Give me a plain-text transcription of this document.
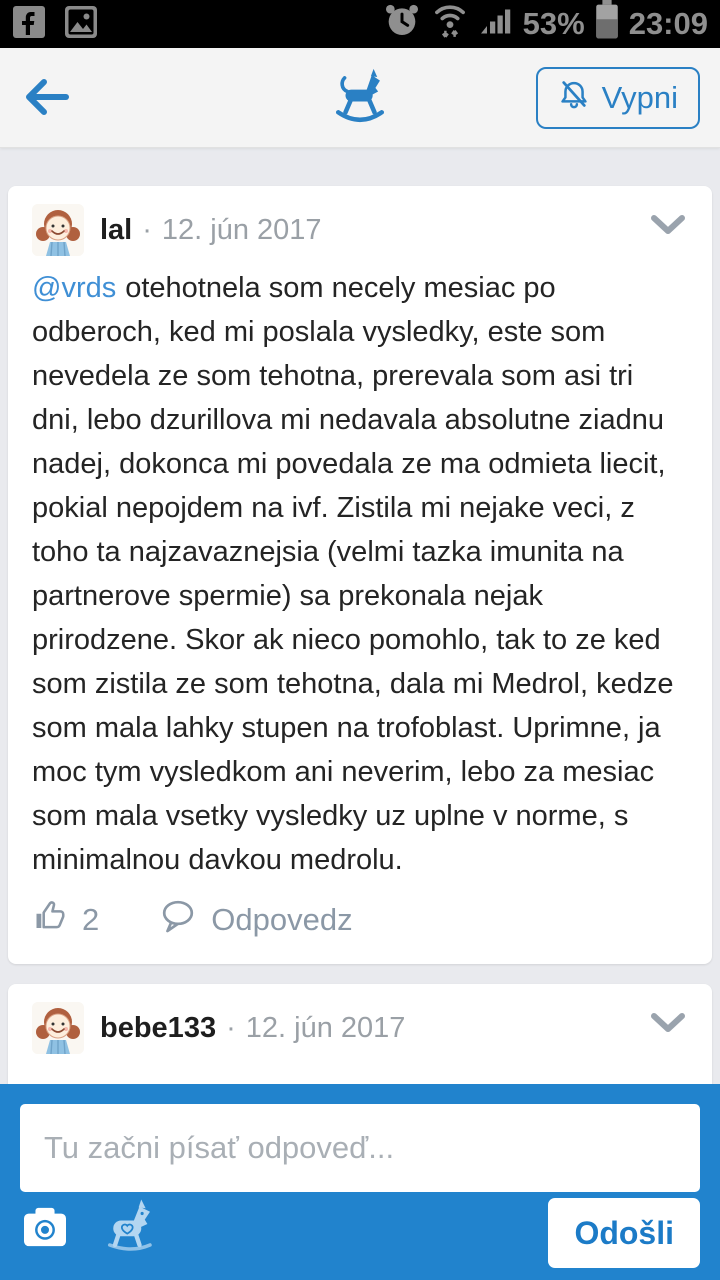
53% 23:09
Vypni
lal · 12. jún 2017
@vrds otehotnela som necely mesiac po odberoch, ked mi poslala vysledky, este som nevedela ze som tehotna, prerevala som asi tri dni, lebo dzurillova mi nedavala absolutne ziadnu nadej, dokonca mi povedala ze ma odmieta liecit, pokial nepojdem na ivf. Zistila mi nejake veci, z toho ta najzavaznejsia (velmi tazka imunita na partnerove spermie) sa prekonala nejak prirodzene. Skor ak nieco pomohlo, tak to ze ked som zistila ze som tehotna, dala mi Medrol, kedze som mala lahky stupen na trofoblast. Uprimne, ja moc tym vysledkom ani neverim, lebo za mesiac som mala vsetky vysledky uz uplne v norme, s minimalnou davkou medrolu.
2	Odpovedz
bebe133 · 12. jún 2017
Tu začni písať odpoveď...
Odošli
